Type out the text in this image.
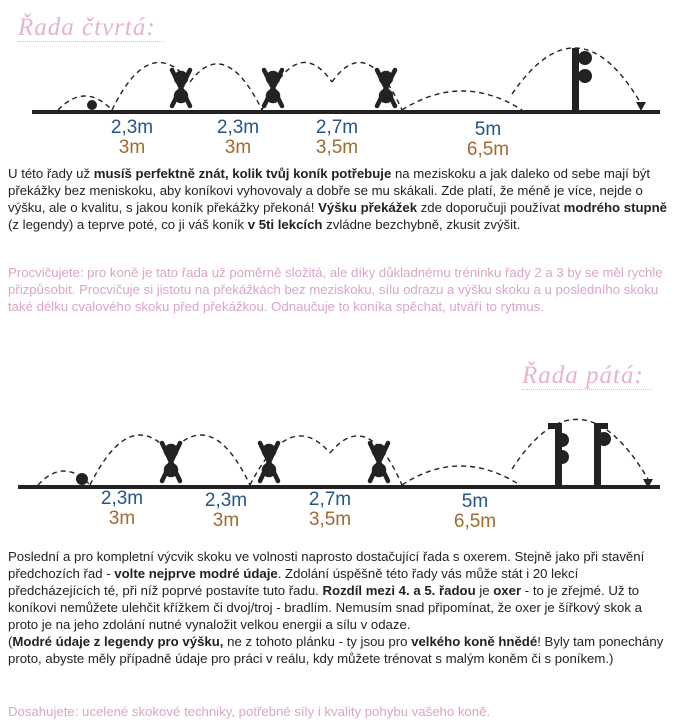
Řada čtvrtá:
2,3m
3m
2,3m
3m
2,7m
3,5m
5m
6,5m
U této řady už musíš perfektně znát, kolik tvůj koník potřebuje na meziskoku a jak daleko od sebe mají být překážky bez meniskoku, aby koníkovi vyhovovaly a dobře se mu skákali. Zde platí, že méně je více, nejde o výšku, ale o kvalitu, s jakou koník překážky překoná! Výšku překážek zde doporučuji používat modrého stupně (z legendy) a teprve poté, co ji váš koník v 5ti lekcích zvládne bezchybně, zkusit zvýšit.
Procvičujete: pro koně je tato řada už poměrně složitá, ale díky důkladnému tréninku řady 2 a 3 by se měl rychle přizpůsobit. Procvičuje si jistotu na překážkách bez meziskoku, sílu odrazu a výšku skoku a u posledního skoku také délku cvalového skoku před překážkou. Odnaučuje to koníka spěchat, utváří to rytmus.
Řada pátá:
2,3m
3m
2,3m
3m
2,7m
3,5m
5m
6,5m
Poslední a pro kompletní výcvik skoku ve volnosti naprosto dostačující řada s oxerem. Stejně jako při stavění předchozích řad - volte nejprve modré údaje. Zdolání úspěšně této řady vás může stát i 20 lekcí předcházejících té, při níž poprvé postavíte tuto řadu. Rozdíl mezi 4. a 5. řadou je oxer - to je zřejmé. Už to koníkovi nemůžete ulehčit křížkem či dvoj/troj - bradlím. Nemusím snad připomínat, že oxer je šířkový skok a proto je na jeho zdolání nutné vynaložit velkou energii a sílu v odaze.
(Modré údaje z legendy pro výšku, ne z tohoto plánku - ty jsou pro velkého koně hnědé! Byly tam ponechány proto, abyste měly případně údaje pro práci v reálu, kdy můžete trénovat s malým koněm či s poníkem.)
Dosahujete: ucelené skokové techniky, potřebné síly i kvality pohybu vašeho koně.
